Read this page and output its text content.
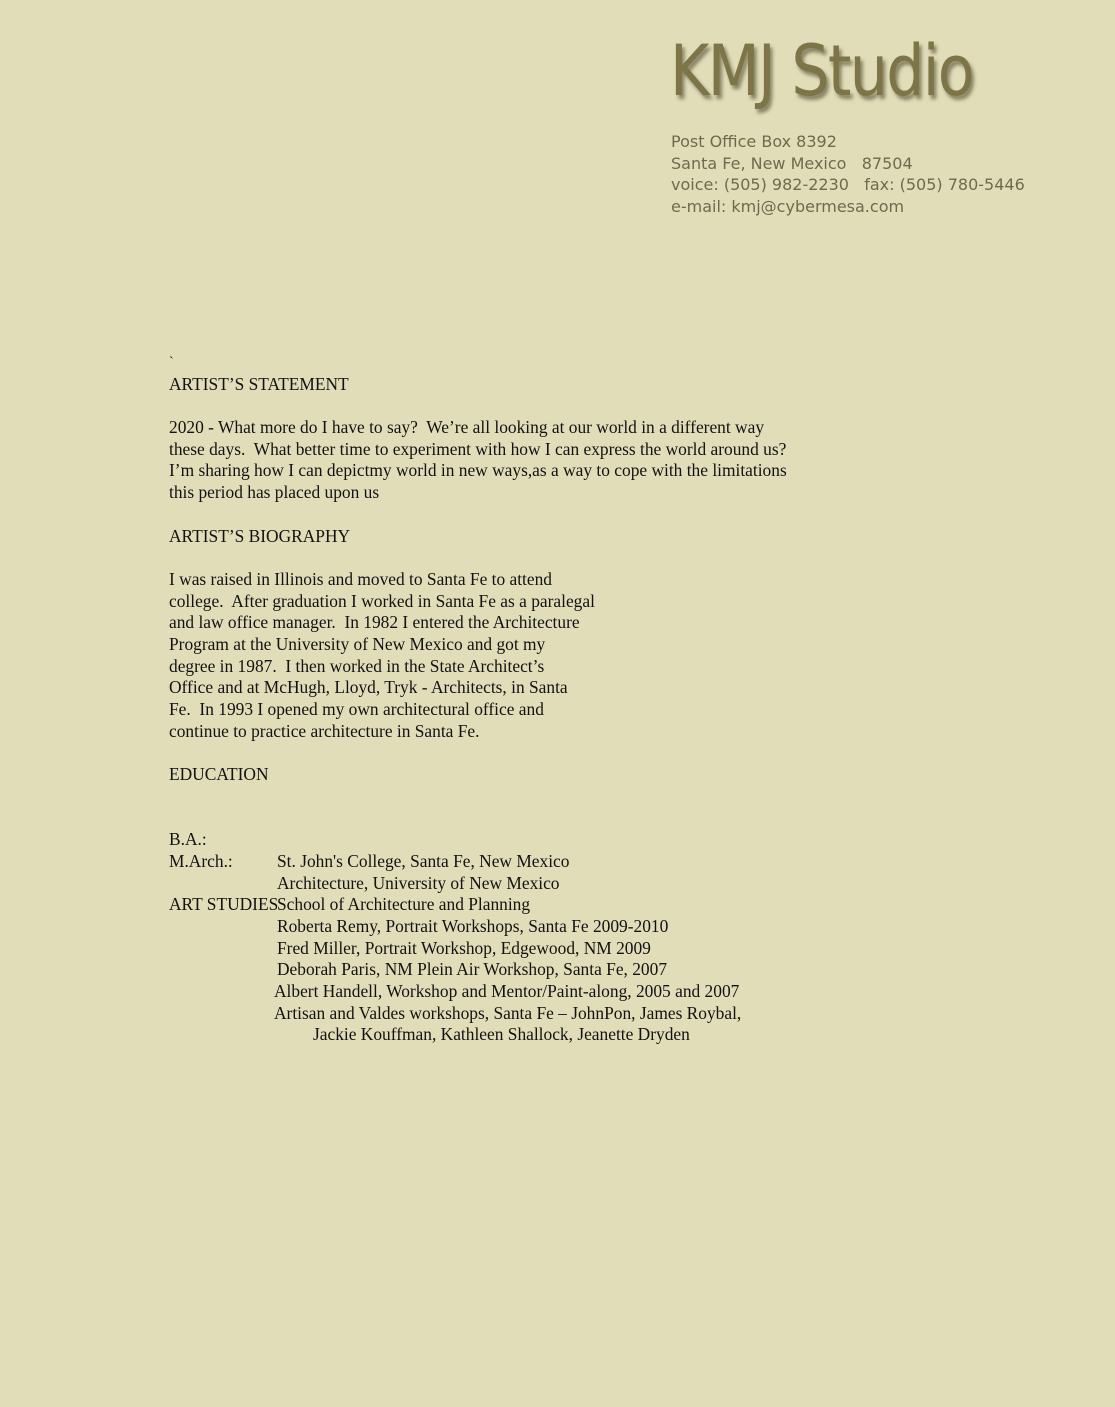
KMJ Studio
Post Office Box 8392
Santa Fe, New Mexico   87504
voice: (505) 982-2230   fax: (505) 780-5446
e-mail: kmj@cybermesa.com
`
ARTIST’S STATEMENT
2020 - What more do I have to say?  We’re all looking at our world in a different way
these days.  What better time to experiment with how I can express the world around us?
I’m sharing how I can depictmy world in new ways,as a way to cope with the limitations
this period has placed upon us
ARTIST’S BIOGRAPHY
I was raised in Illinois and moved to Santa Fe to attend
college.  After graduation I worked in Santa Fe as a paralegal
and law office manager.  In 1982 I entered the Architecture
Program at the University of New Mexico and got my
degree in 1987.  I then worked in the State Architect’s
Office and at McHugh, Lloyd, Tryk - Architects, in Santa
Fe.  In 1993 I opened my own architectural office and
continue to practice architecture in Santa Fe.
EDUCATION

B.A.:

St. John's College, Santa Fe, New Mexico

M.Arch.:

Architecture, University of New Mexico

School of Architecture and Planning

ART STUDIES
Roberta Remy, Portrait Workshops, Santa Fe 2009-2010
Fred Miller, Portrait Workshop, Edgewood, NM 2009
Deborah Paris, NM Plein Air Workshop, Santa Fe, 2007
Albert Handell, Workshop and Mentor/Paint-along, 2005 and 2007
Artisan and Valdes workshops, Santa Fe – JohnPon, James Roybal,
Jackie Kouffman, Kathleen Shallock, Jeanette Dryden
